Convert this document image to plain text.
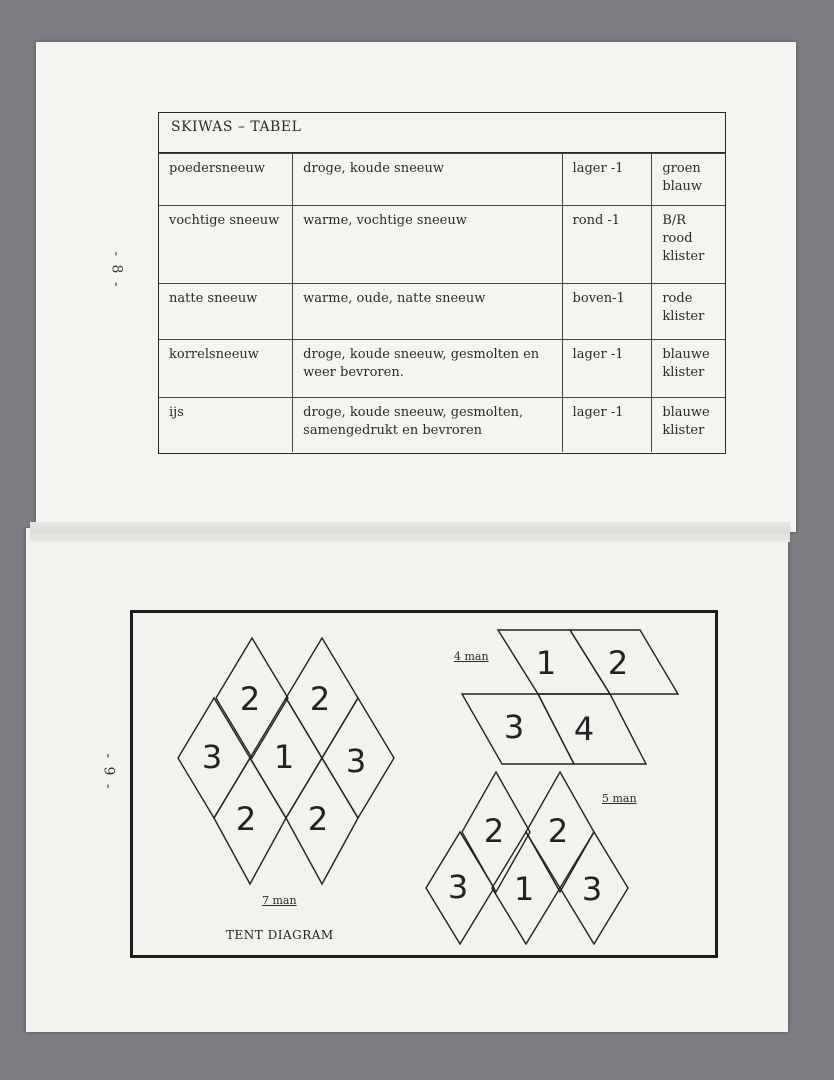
- 8 -
- 9 -
SKIWAS – TABEL
poedersneeuw	droge, koude sneeuw	lager -1	groen blauw
vochtige sneeuw	warme, vochtige sneeuw	rond -1	B/R rood klister
natte sneeuw	warme, oude, natte sneeuw	boven-1	rode klister
korrelsneeuw	droge, koude sneeuw, gesmolten en weer bevroren.	lager -1	blauwe klister
ijs	droge, koude sneeuw, gesmolten, samengedrukt en bevroren	lager -1	blauwe klister
2 2
3 1 3
2 2
1 2
3 4
2 2
3 1 3
4 man
5 man
7 man
TENT DIAGRAM
